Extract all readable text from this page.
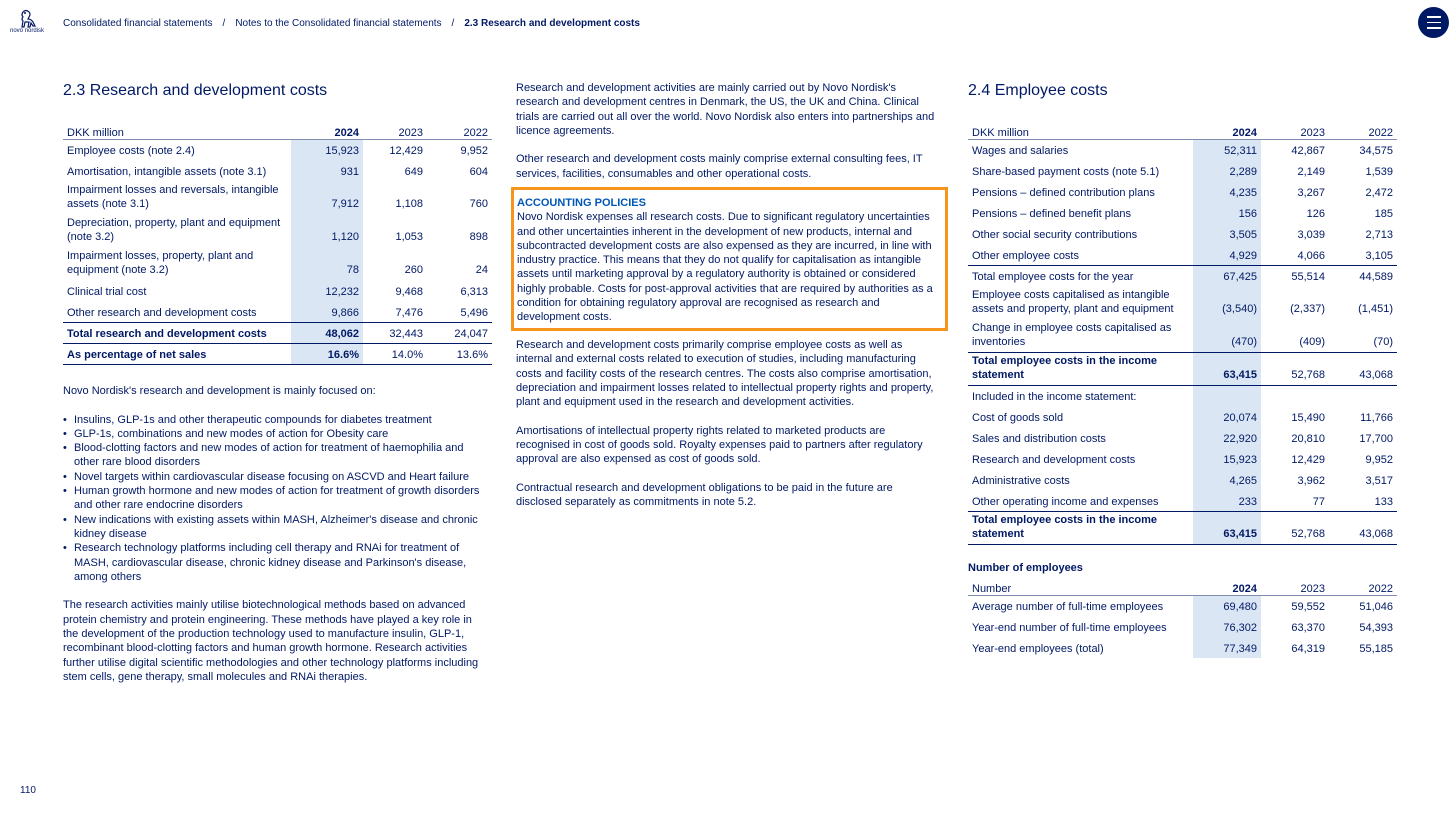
novo nordisk
Consolidated financial statements / Notes to the Consolidated financial statements / 2.3 Research and development costs
2.3 Research and development costs
DKK million	2024	2023	2022
Employee costs (note 2.4)	15,923	12,429	9,952
Amortisation, intangible assets (note 3.1)	931	649	604
Impairment losses and reversals, intangible assets (note 3.1)	7,912	1,108	760
Depreciation, property, plant and equipment (note 3.2)	1,120	1,053	898
Impairment losses, property, plant and equipment (note 3.2)	78	260	24
Clinical trial cost	12,232	9,468	6,313
Other research and development costs	9,866	7,476	5,496
Total research and development costs	48,062	32,443	24,047
As percentage of net sales	16.6%	14.0%	13.6%

Novo Nordisk's research and development is mainly focused on:

• Insulins, GLP-1s and other therapeutic compounds for diabetes treatment
• GLP-1s, combinations and new modes of action for Obesity care
• Blood-clotting factors and new modes of action for treatment of haemophilia and other rare blood disorders
• Novel targets within cardiovascular disease focusing on ASCVD and Heart failure
• Human growth hormone and new modes of action for treatment of growth disorders and other rare endocrine disorders
• New indications with existing assets within MASH, Alzheimer's disease and chronic kidney disease
• Research technology platforms including cell therapy and RNAi for treatment of MASH, cardiovascular disease, chronic kidney disease and Parkinson's disease, among others

The research activities mainly utilise biotechnological methods based on advanced protein chemistry and protein engineering. These methods have played a key role in the development of the production technology used to manufacture insulin, GLP-1, recombinant blood-clotting factors and human growth hormone. Research activities further utilise digital scientific methodologies and other technology platforms including stem cells, gene therapy, small molecules and RNAi therapies.

Research and development activities are mainly carried out by Novo Nordisk's research and development centres in Denmark, the US, the UK and China. Clinical trials are carried out all over the world. Novo Nordisk also enters into partnerships and licence agreements.

Other research and development costs mainly comprise external consulting fees, IT services, facilities, consumables and other operational costs.

ACCOUNTING POLICIES
Novo Nordisk expenses all research costs. Due to significant regulatory uncertainties and other uncertainties inherent in the development of new products, internal and subcontracted development costs are also expensed as they are incurred, in line with industry practice. This means that they do not qualify for capitalisation as intangible assets until marketing approval by a regulatory authority is obtained or considered highly probable. Costs for post-approval activities that are required by authorities as a condition for obtaining regulatory approval are recognised as research and development costs.

Research and development costs primarily comprise employee costs as well as internal and external costs related to execution of studies, including manufacturing costs and facility costs of the research centres. The costs also comprise amortisation, depreciation and impairment losses related to intellectual property rights and property, plant and equipment used in the research and development activities.

Amortisations of intellectual property rights related to marketed products are recognised in cost of goods sold. Royalty expenses paid to partners after regulatory approval are also expensed as cost of goods sold.

Contractual research and development obligations to be paid in the future are disclosed separately as commitments in note 5.2.

2.4 Employee costs
DKK million	2024	2023	2022
Wages and salaries	52,311	42,867	34,575
Share-based payment costs (note 5.1)	2,289	2,149	1,539
Pensions – defined contribution plans	4,235	3,267	2,472
Pensions – defined benefit plans	156	126	185
Other social security contributions	3,505	3,039	2,713
Other employee costs	4,929	4,066	3,105
Total employee costs for the year	67,425	55,514	44,589
Employee costs capitalised as intangible assets and property, plant and equipment	(3,540)	(2,337)	(1,451)
Change in employee costs capitalised as inventories	(470)	(409)	(70)
Total employee costs in the income statement	63,415	52,768	43,068
Included in the income statement:			
Cost of goods sold	20,074	15,490	11,766
Sales and distribution costs	22,920	20,810	17,700
Research and development costs	15,923	12,429	9,952
Administrative costs	4,265	3,962	3,517
Other operating income and expenses	233	77	133
Total employee costs in the income statement	63,415	52,768	43,068
Number of employees
Number	2024	2023	2022
Average number of full-time employees	69,480	59,552	51,046
Year-end number of full-time employees	76,302	63,370	54,393
Year-end employees (total)	77,349	64,319	55,185
110
